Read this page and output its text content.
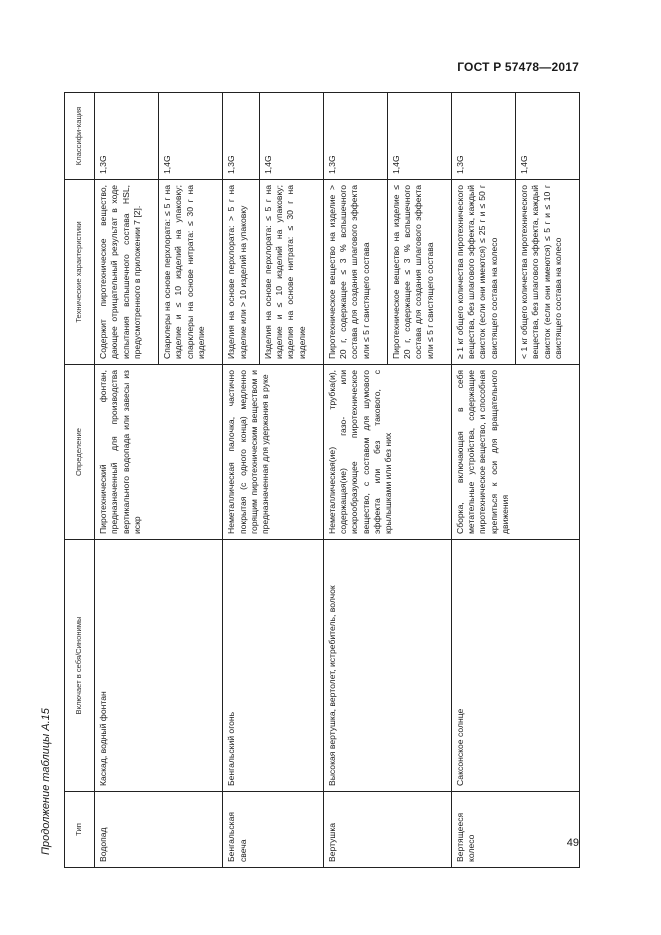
ГОСТ Р 57478—2017
Продолжение таблицы А.15	Тип	Включает в себя/Синонимы	Определение	Технические характеристики	Классифи-кация
Водопад	Каскад, водный фонтан	Пиротехнический фонтан, предназначенный для производства вертикального водопада или завесы из искр	Содержит пиротехническое вещество, дающее отрицательный результат в ходе испытания вспышечного состава HSL, предусмотренного в приложении 7 [2].	1,3G
			Спарклеры на основе перхлората: ≤ 5 г на изделие и ≤ 10 изделий на упаковку; спарклеры на основе нитрата: ≤ 30 г на изделие	1,4G
Бенгальская свеча	Бенгальский огонь	Неметаллическая палочка, частично покрытая (с одного конца) медленно горящим пиротехническим веществом и предназначенная для удержания в руке	Изделия на основе перхлората: > 5 г на изделие или > 10 изделий на упаковку	1,3G
			Изделия на основе перхлората: ≤ 5 г на изделие и ≤ 10 изделий на упаковку; изделия на основе нитрата: ≤ 30 г на изделие	1,4G
Вертушка	Высокая вертушка, вертолет, истребитель, волчок	Неметаллическая(ие) трубка(и), содержащая(ие) газо- или искрообразующее пиротехническое вещество, с составом для шумового эффекта или без такового, с крылышками или без них	Пиротехническое вещество на изделие > 20 г, содержащее ≤ 3 % вспышечного состава для создания шлагового эффекта или ≤ 5 г свистящего состава	1,3G
			Пиротехническое вещество на изделие ≤ 20 г, содержащее ≤ 3 % вспышечного состава для создания шлагового эффекта или ≤ 5 г свистящего состава	1,4G
Вертящееся колесо	Саксонское солнце	Сборка, включающая в себя метательные устройства, содержащие пиротехническое вещество, и способная крепиться к оси для вращательного движения	≥ 1 кг общего количества пиротехнического вещества, без шлагового эффекта, каждый свисток (если они имеются) ≤ 25 г и ≤ 50 г свистящего состава на колесо	1,3G
			< 1 кг общего количества пиротехнического вещества, без шлагового эффекта, каждый свисток (если они имеются) ≤ 5 г и ≤ 10 г свистящего состава на колесо	1,4G
49
